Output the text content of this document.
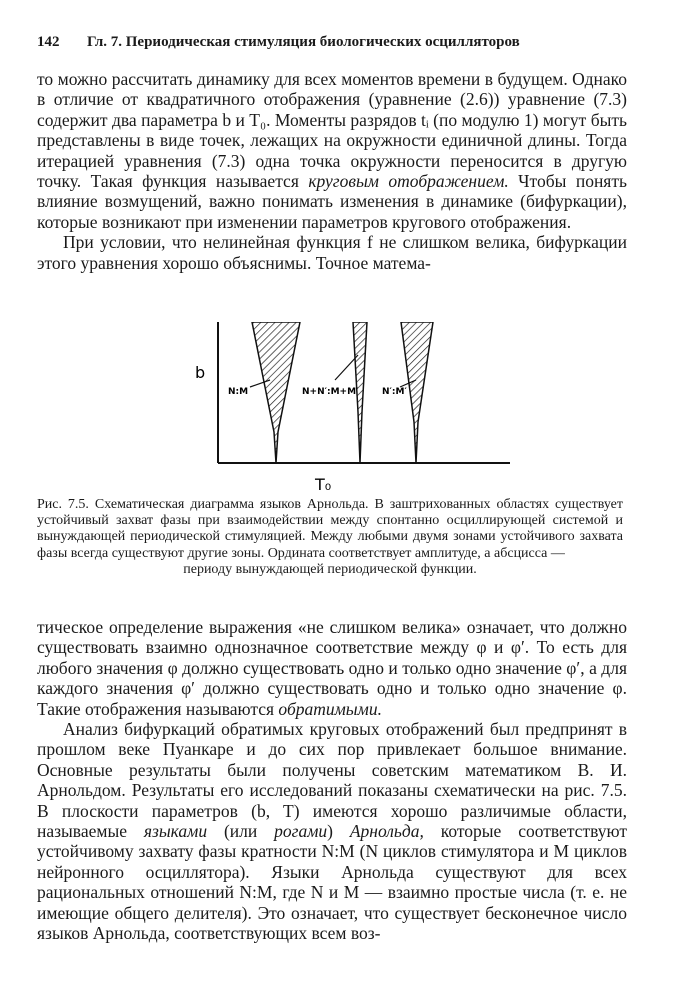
142 Гл. 7. Периодическая стимуляция биологических осцилляторов

то можно рассчитать динамику для всех моментов времени в будущем. Однако в отличие от квадратичного отображения (уравнение (2.6)) уравнение (7.3) содержит два параметра b и T₀. Моменты разрядов tᵢ (по модулю 1) могут быть представлены в виде точек, лежащих на окружности единичной длины. Тогда итерацией уравнения (7.3) одна точка окружности переносится в другую точку. Такая функция называется круговым отображением. Чтобы понять влияние возмущений, важно понимать изменения в динамике (бифуркации), которые возникают при изменении параметров кругового отображения.

При условии, что нелинейная функция f не слишком велика, бифуркации этого уравнения хорошо объяснимы. Точное матема-

b
T₀
N:M	N+N′:M+M′	N′:M′
Рис. 7.5. Схематическая диаграмма языков Арнольда. В заштрихованных областях существует устойчивый захват фазы при взаимодействии между спонтанно осциллирующей системой и вынуждающей периодической стимуляцией. Между любыми двумя зонами устойчивого захвата фазы всегда существуют другие зоны. Ордината соответствует амплитуде, а абсцисса —
периоду вынуждающей периодической функции.

тическое определение выражения «не слишком велика» означает, что должно существовать взаимно однозначное соответствие между φ и φ′. То есть для любого значения φ должно существовать одно и только одно значение φ′, а для каждого значения φ′ должно существовать одно и только одно значение φ. Такие отображения называются обратимыми.

Анализ бифуркаций обратимых круговых отображений был предпринят в прошлом веке Пуанкаре и до сих пор привлекает большое внимание. Основные результаты были получены советским математиком В. И. Арнольдом. Результаты его исследований показаны схематически на рис. 7.5. В плоскости параметров (b, T) имеются хорошо различимые области, называемые языками (или рогами) Арнольда, которые соответствуют устойчивому захвату фазы кратности N:M (N циклов стимулятора и M циклов нейронного осциллятора). Языки Арнольда существуют для всех рациональных отношений N:M, где N и M — взаимно простые числа (т. е. не имеющие общего делителя). Это означает, что существует бесконечное число языков Арнольда, соответствующих всем воз-
